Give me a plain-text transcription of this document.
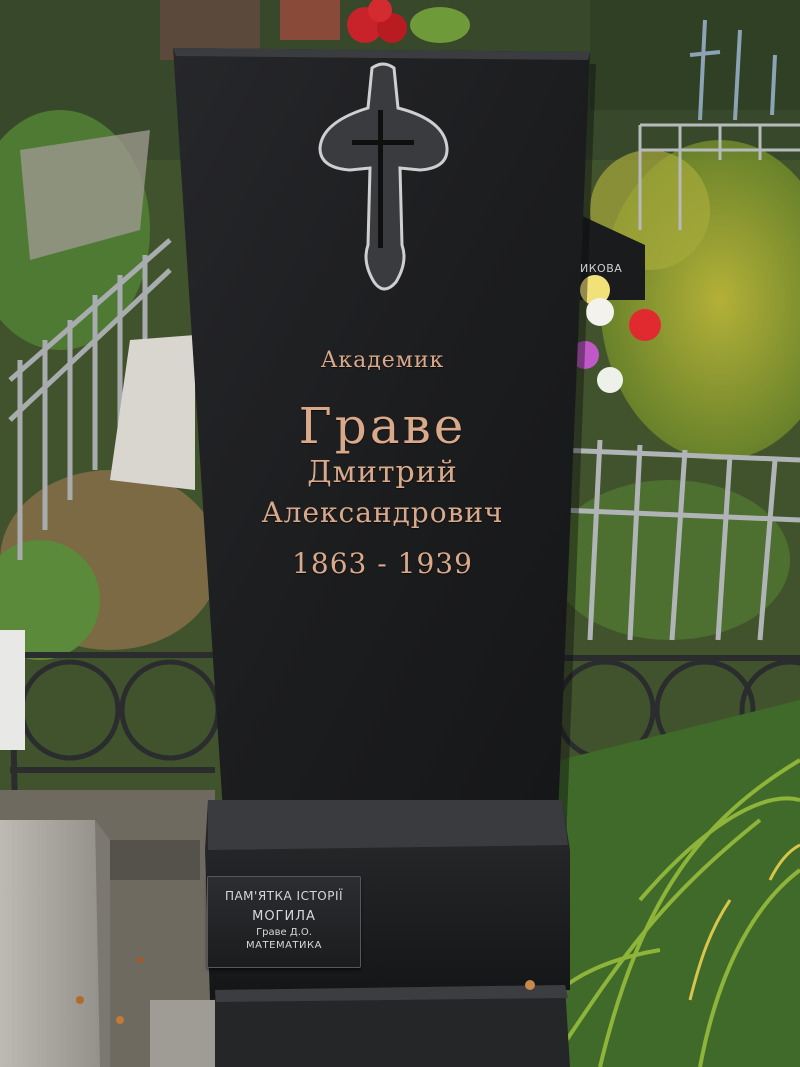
Академик
Граве
Дмитрий
Александрович
1863 - 1939
ИКОВА
ПАМ'ЯТКА ІСТОРІЇ
МОГИЛА
Граве Д.О.
МАТЕМАТИКА
